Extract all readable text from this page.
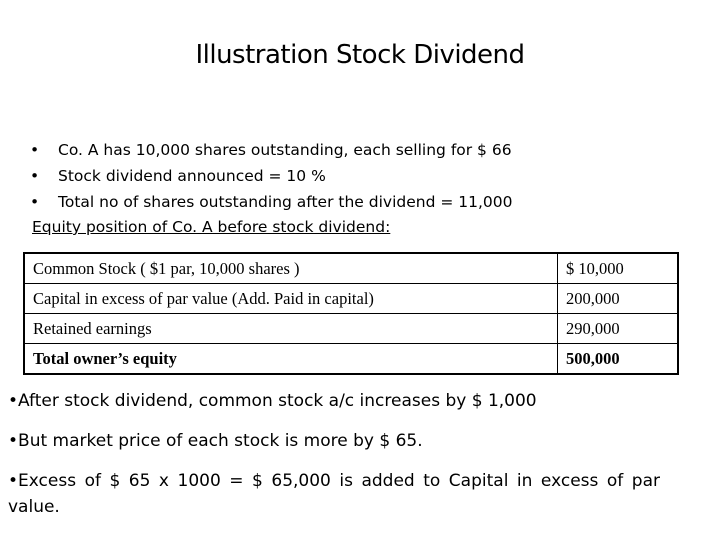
Illustration Stock Dividend
• Co. A has 10,000 shares outstanding, each selling for $ 66
• Stock dividend announced = 10 %
• Total no of shares outstanding after the dividend = 11,000
Equity position of Co. A before stock dividend:
Common Stock ( $1 par, 10,000 shares )	$ 10,000
Capital in excess of par value (Add. Paid in capital)	200,000
Retained earnings	290,000
Total owner’s equity	500,000
•After stock dividend, common stock a/c increases by $ 1,000
•But market price of each stock is more by $ 65.
•Excess of $ 65 x 1000 = $ 65,000 is added to Capital in excess of par value.
